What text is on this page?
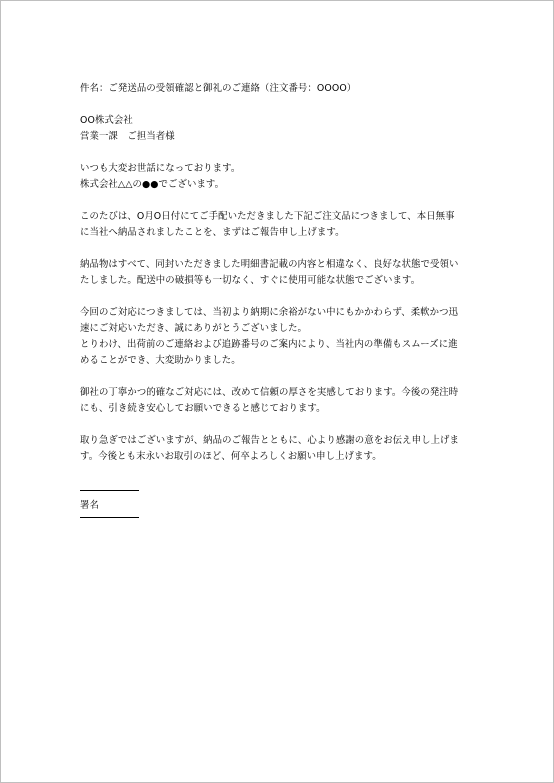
件名：ご発送品の受領確認と御礼のご連絡（注文番号：OOOO）
OO株式会社
営業一課　ご担当者様
いつも大変お世話になっております。
株式会社△△の●●でございます。
このたびは、O月O日付にてご手配いただきました下記ご注文品につきまして、本日無事
に当社へ納品されましたことを、まずはご報告申し上げます。
納品物はすべて、同封いただきました明細書記載の内容と相違なく、良好な状態で受領い
たしました。配送中の破損等も一切なく、すぐに使用可能な状態でございます。
今回のご対応につきましては、当初より納期に余裕がない中にもかかわらず、柔軟かつ迅
速にご対応いただき、誠にありがとうございました。
とりわけ、出荷前のご連絡および追跡番号のご案内により、当社内の準備もスムーズに進
めることができ、大変助かりました。
御社の丁寧かつ的確なご対応には、改めて信頼の厚さを実感しております。今後の発注時
にも、引き続き安心してお願いできると感じております。
取り急ぎではございますが、納品のご報告とともに、心より感謝の意をお伝え申し上げま
す。今後とも末永いお取引のほど、何卒よろしくお願い申し上げます。
署名
